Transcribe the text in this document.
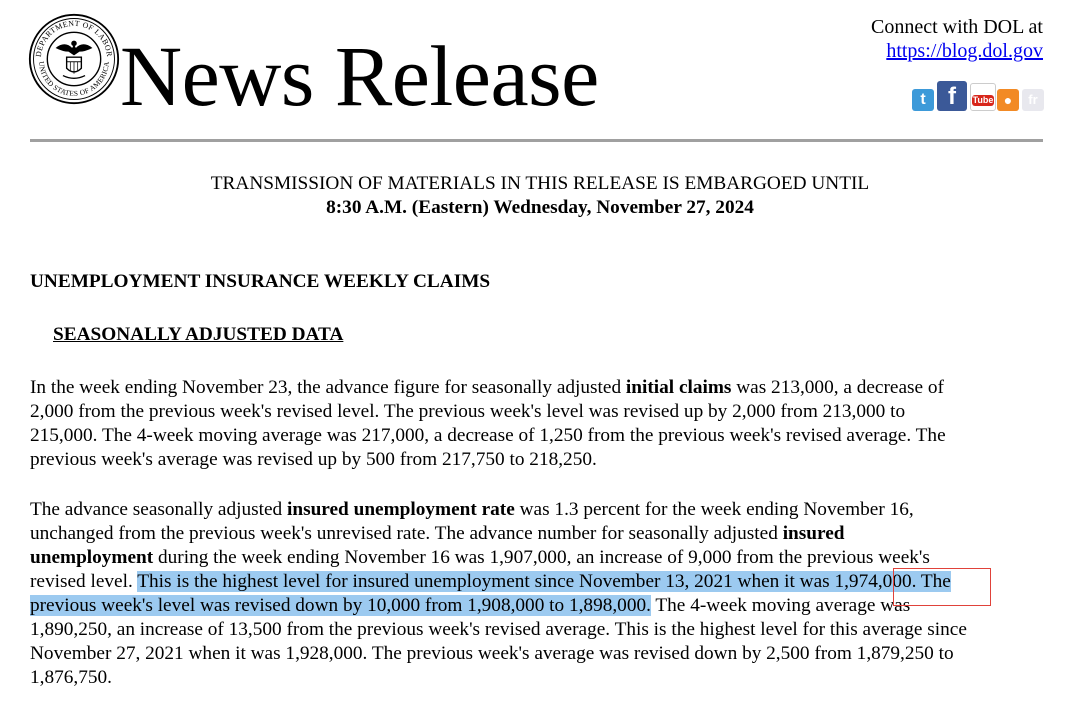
DEPARTMENT OF LABOR
UNITED STATES OF AMERICA News Release
Connect with DOL at
https://blog.dol.gov
t f	You
Tube ●	fr
TRANSMISSION OF MATERIALS IN THIS RELEASE IS EMBARGOED UNTIL
8:30 A.M. (Eastern) Wednesday, November 27, 2024
UNEMPLOYMENT INSURANCE WEEKLY CLAIMS
SEASONALLY ADJUSTED DATA
In the week ending November 23, the advance figure for seasonally adjusted initial claims was 213,000, a decrease of
2,000 from the previous week's revised level. The previous week's level was revised up by 2,000 from 213,000 to
215,000. The 4-week moving average was 217,000, a decrease of 1,250 from the previous week's revised average. The
previous week's average was revised up by 500 from 217,750 to 218,250.
The advance seasonally adjusted insured unemployment rate was 1.3 percent for the week ending November 16,
unchanged from the previous week's unrevised rate. The advance number for seasonally adjusted insured
unemployment during the week ending November 16 was 1,907,000, an increase of 9,000 from the previous week's
revised level. This is the highest level for insured unemployment since November 13, 2021 when it was 1,974,000. The
previous week's level was revised down by 10,000 from 1,908,000 to 1,898,000. The 4-week moving average was
1,890,250, an increase of 13,500 from the previous week's revised average. This is the highest level for this average since
November 27, 2021 when it was 1,928,000. The previous week's average was revised down by 2,500 from 1,879,250 to
1,876,750.
